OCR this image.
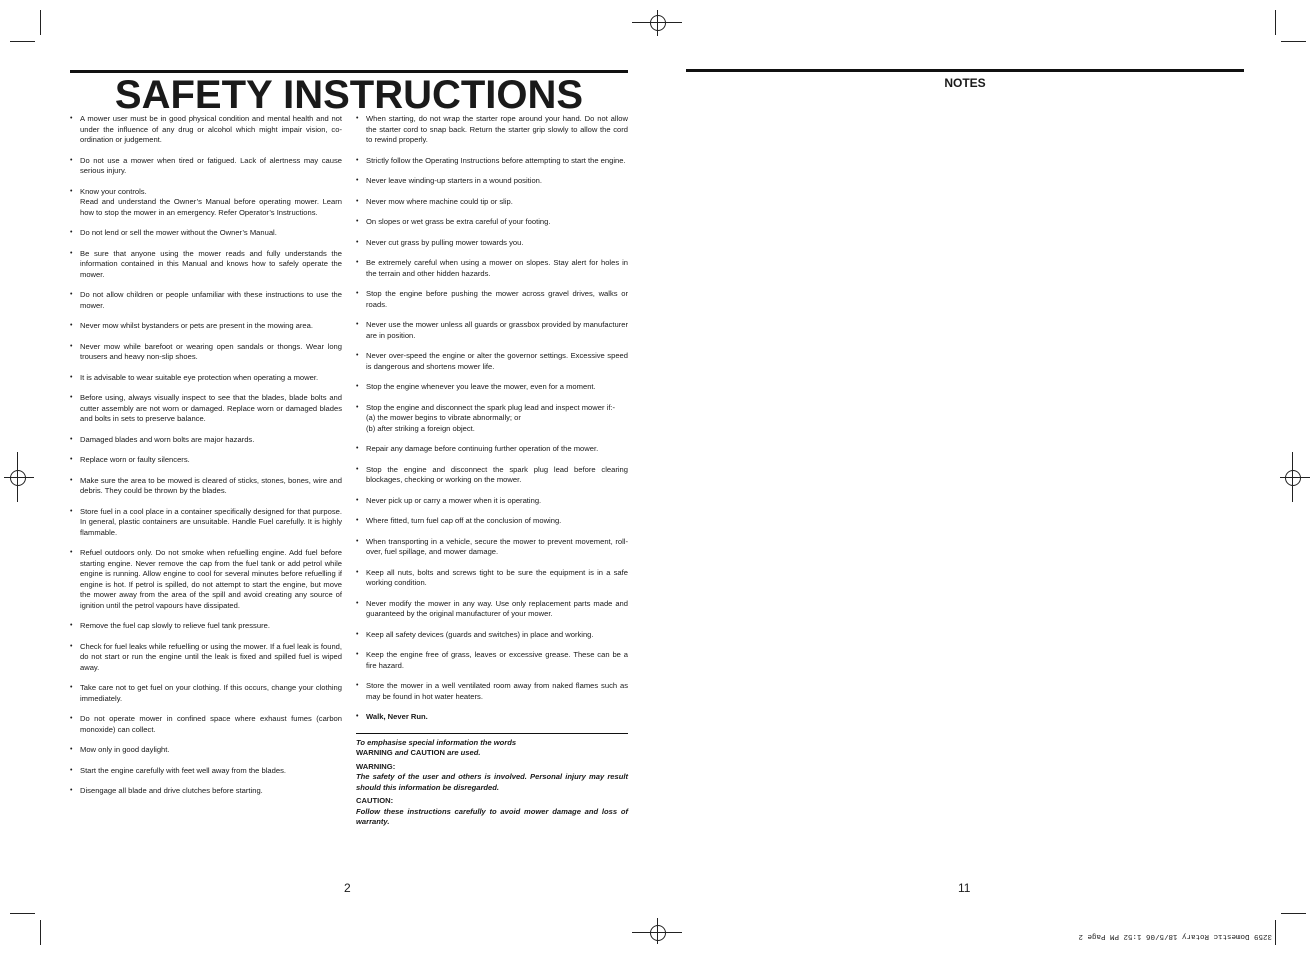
SAFETY INSTRUCTIONS
• A mower user must be in good physical condition and mental health and not under the influence of any drug or alcohol which might impair vision, co-ordination or judgement.
• Do not use a mower when tired or fatigued. Lack of alertness may cause serious injury.
• Know your controls.
Read and understand the Owner’s Manual before operating mower. Learn how to stop the mower in an emergency. Refer Operator’s Instructions.
• Do not lend or sell the mower without the Owner’s Manual.
• Be sure that anyone using the mower reads and fully understands the information contained in this Manual and knows how to safely operate the mower.
• Do not allow children or people unfamiliar with these instructions to use the mower.
• Never mow whilst bystanders or pets are present in the mowing area.
• Never mow while barefoot or wearing open sandals or thongs. Wear long trousers and heavy non-slip shoes.
• It is advisable to wear suitable eye protection when operating a mower.
• Before using, always visually inspect to see that the blades, blade bolts and cutter assembly are not worn or damaged. Replace worn or damaged blades and bolts in sets to preserve balance.
• Damaged blades and worn bolts are major hazards.
• Replace worn or faulty silencers.
• Make sure the area to be mowed is cleared of sticks, stones, bones, wire and debris. They could be thrown by the blades.
• Store fuel in a cool place in a container specifically designed for that purpose. In general, plastic containers are unsuitable. Handle Fuel carefully. It is highly flammable.
• Refuel outdoors only. Do not smoke when refuelling engine. Add fuel before starting engine. Never remove the cap from the fuel tank or add petrol while engine is running. Allow engine to cool for several minutes before refuelling if engine is hot. If petrol is spilled, do not attempt to start the engine, but move the mower away from the area of the spill and avoid creating any source of ignition until the petrol vapours have dissipated.
• Remove the fuel cap slowly to relieve fuel tank pressure.
• Check for fuel leaks while refuelling or using the mower. If a fuel leak is found, do not start or run the engine until the leak is fixed and spilled fuel is wiped away.
• Take care not to get fuel on your clothing. If this occurs, change your clothing immediately.
• Do not operate mower in confined space where exhaust fumes (carbon monoxide) can collect.
• Mow only in good daylight.
• Start the engine carefully with feet well away from the blades.
• Disengage all blade and drive clutches before starting.
• When starting, do not wrap the starter rope around your hand. Do not allow the starter cord to snap back. Return the starter grip slowly to allow the cord to rewind properly.
• Strictly follow the Operating Instructions before attempting to start the engine.
• Never leave winding-up starters in a wound position.
• Never mow where machine could tip or slip.
• On slopes or wet grass be extra careful of your footing.
• Never cut grass by pulling mower towards you.
• Be extremely careful when using a mower on slopes. Stay alert for holes in the terrain and other hidden hazards.
• Stop the engine before pushing the mower across gravel drives, walks or roads.
• Never use the mower unless all guards or grassbox provided by manufacturer are in position.
• Never over-speed the engine or alter the governor settings. Excessive speed is dangerous and shortens mower life.
• Stop the engine whenever you leave the mower, even for a moment.
• Stop the engine and disconnect the spark plug lead and inspect mower if:-
(a) the mower begins to vibrate abnormally; or
(b) after striking a foreign object.
• Repair any damage before continuing further operation of the mower.
• Stop the engine and disconnect the spark plug lead before clearing blockages, checking or working on the mower.
• Never pick up or carry a mower when it is operating.
• Where fitted, turn fuel cap off at the conclusion of mowing.
• When transporting in a vehicle, secure the mower to prevent movement, roll-over, fuel spillage, and mower damage.
• Keep all nuts, bolts and screws tight to be sure the equipment is in a safe working condition.
• Never modify the mower in any way. Use only replacement parts made and guaranteed by the original manufacturer of your mower.
• Keep all safety devices (guards and switches) in place and working.
• Keep the engine free of grass, leaves or excessive grease. These can be a fire hazard.
• Store the mower in a well ventilated room away from naked flames such as may be found in hot water heaters.
• Walk, Never Run.
To emphasise special information the words
WARNING and CAUTION are used.
WARNING:
The safety of the user and others is involved. Personal injury may result should this information be disregarded.
CAUTION:
Follow these instructions carefully to avoid mower damage and loss of warranty.
2
NOTES
11
3259 Domestic Rotary 18/5/06 1:52 PM Page 2
